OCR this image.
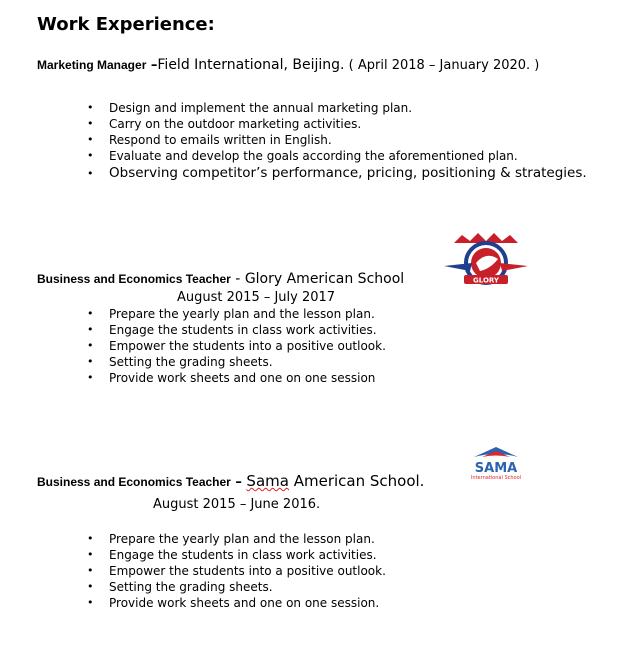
Work Experience:
Marketing Manager –Field International, Beijing. ( April 2018 – January 2020. )
• Design and implement the annual marketing plan.
• Carry on the outdoor marketing activities.
• Respond to emails written in English.
• Evaluate and develop the goals according the aforementioned plan.
• Observing competitor’s performance, pricing, positioning & strategies.
GLORY
Business and Economics Teacher - Glory American School
August 2015 – July 2017
• Prepare the yearly plan and the lesson plan.
• Engage the students in class work activities.
• Empower the students into a positive outlook.
• Setting the grading sheets.
• Provide work sheets and one on one session
SAMA
International School
Business and Economics Teacher – Sama American School.
August 2015 – June 2016.
• Prepare the yearly plan and the lesson plan.
• Engage the students in class work activities.
• Empower the students into a positive outlook.
• Setting the grading sheets.
• Provide work sheets and one on one session.
